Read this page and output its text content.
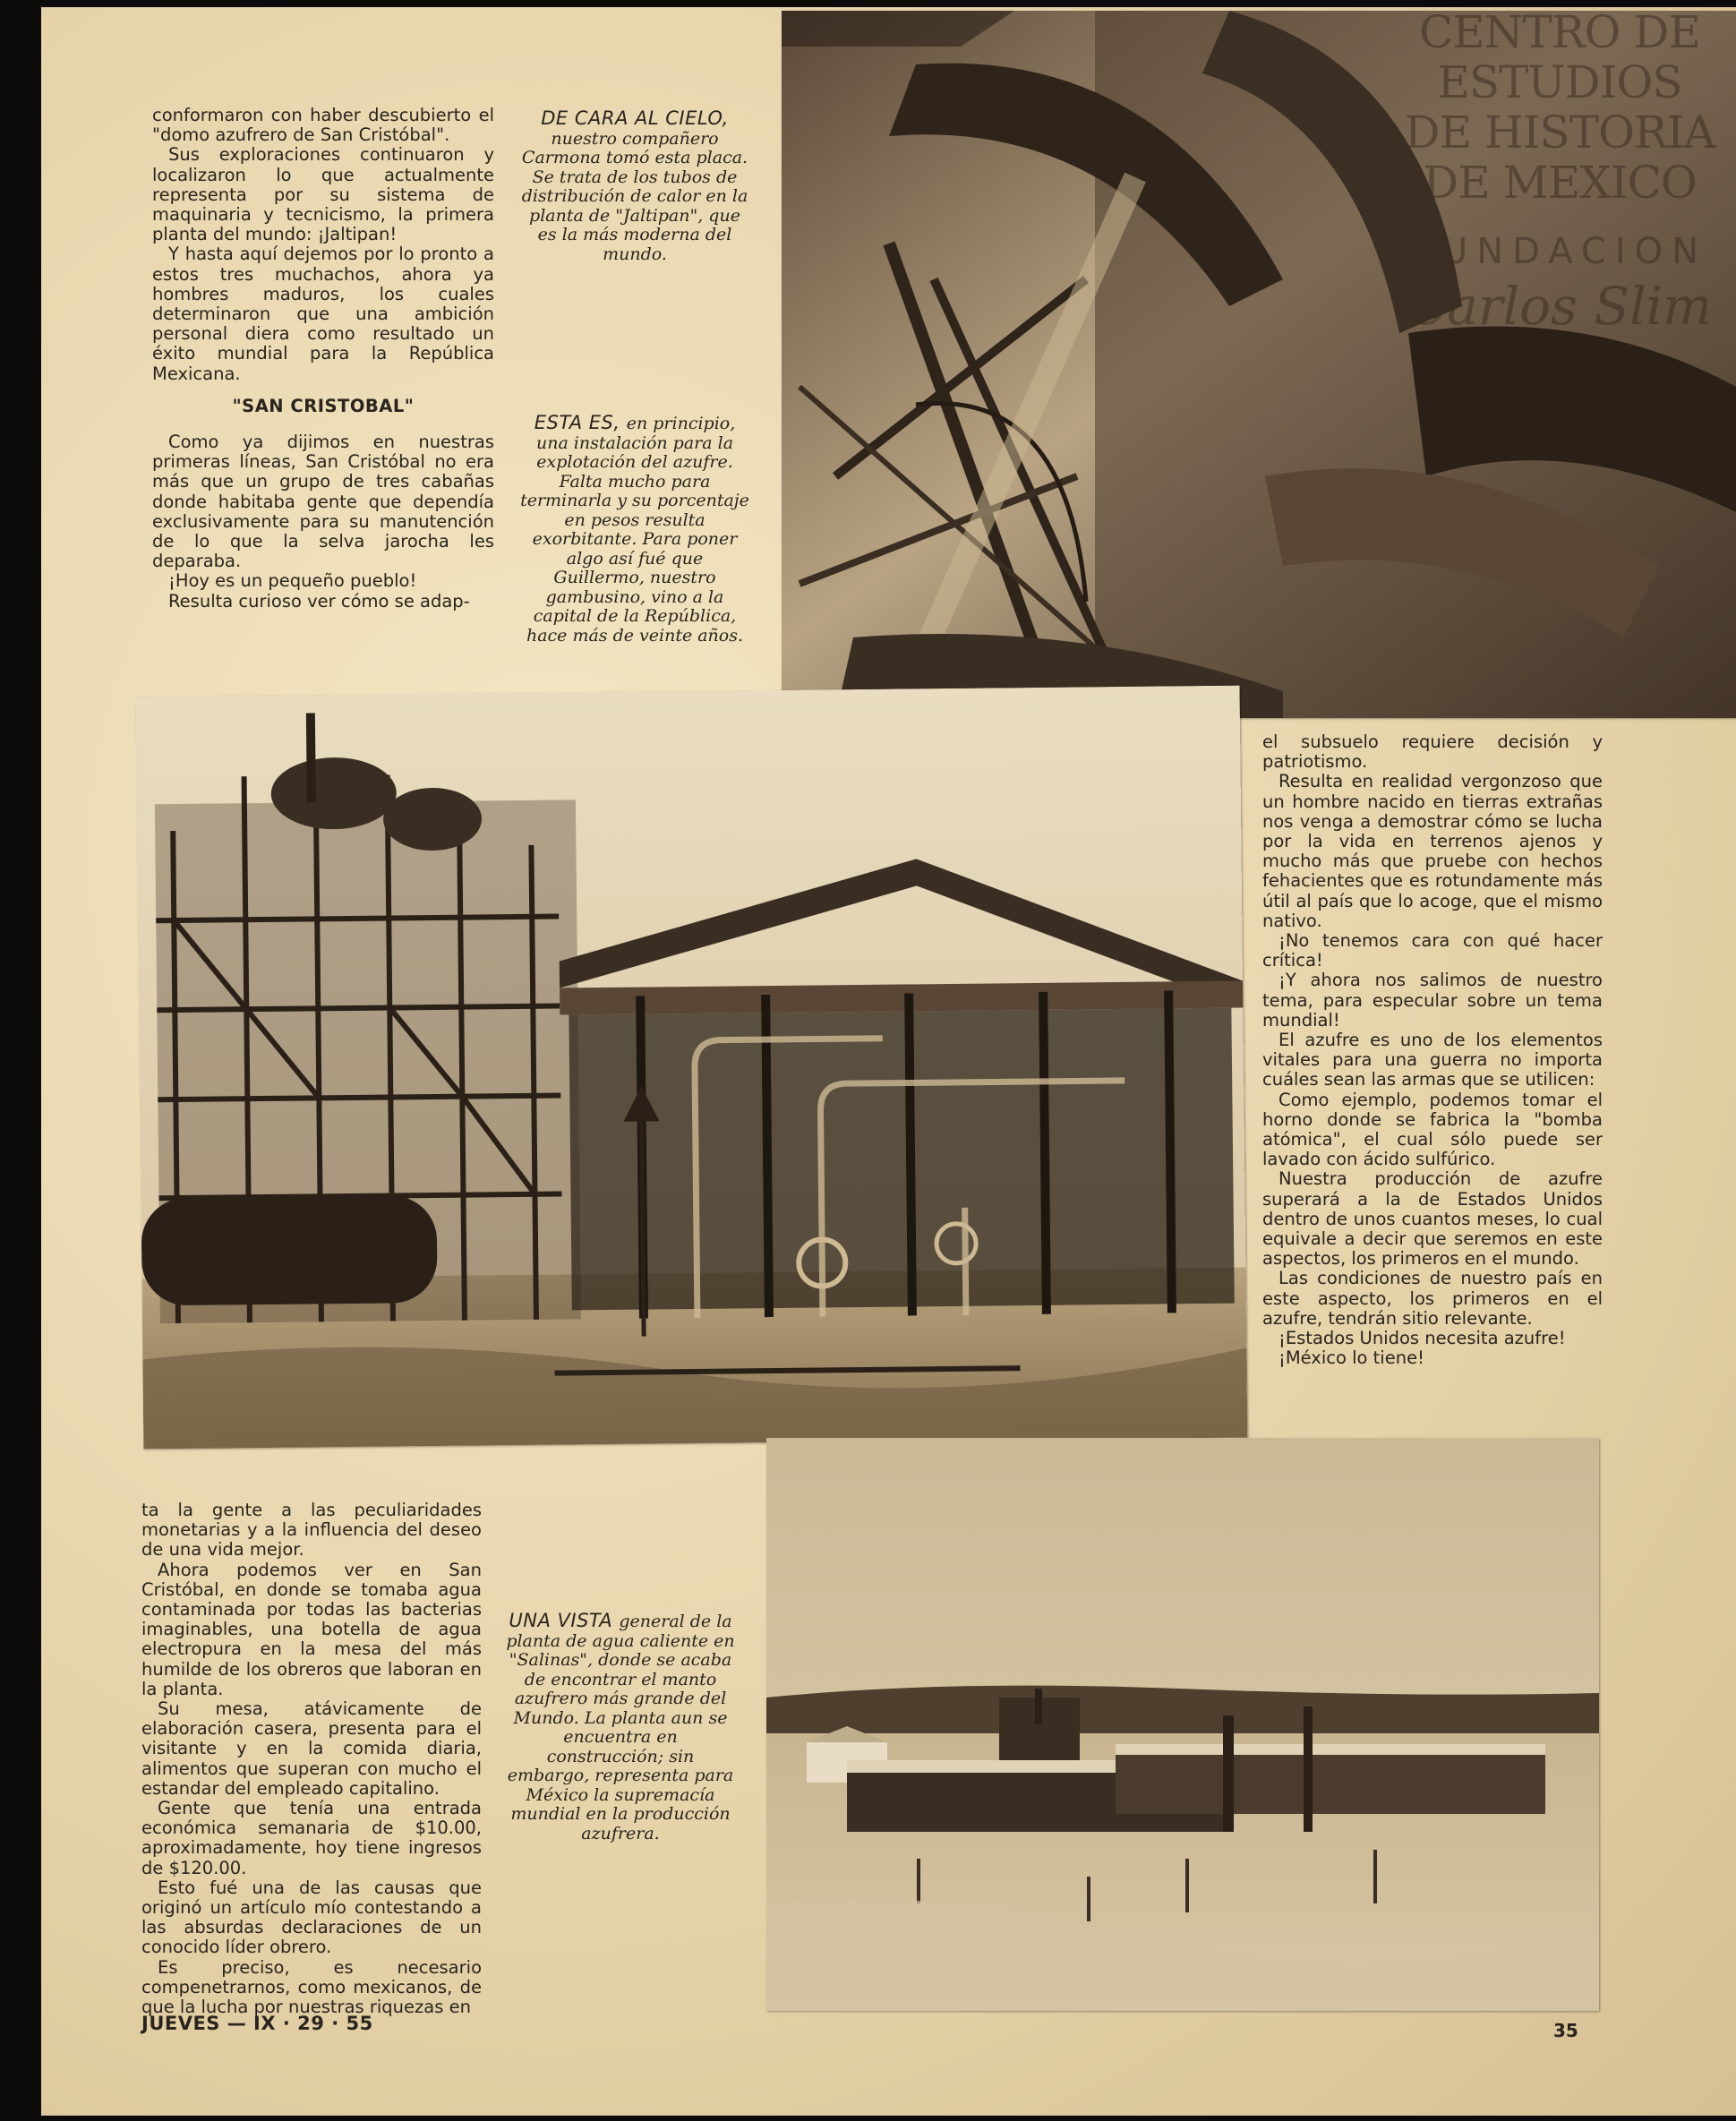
conformaron con haber descubierto el "domo azufrero de San Cristóbal".

Sus exploraciones continuaron y localizaron lo que actualmente representa por su sistema de maquinaria y tecnicismo, la primera planta del mundo: ¡Jaltipan!

Y hasta aquí dejemos por lo pronto a estos tres muchachos, ahora ya hombres maduros, los cuales determinaron que una ambición personal diera como resultado un éxito mundial para la República Mexicana.

"SAN CRISTOBAL"

Como ya dijimos en nuestras primeras líneas, San Cristóbal no era más que un grupo de tres cabañas donde habitaba gente que dependía exclusivamente para su manutención de lo que la selva jarocha les deparaba.

¡Hoy es un pequeño pueblo!

Resulta curioso ver cómo se adap-

DE CARA AL CIELO, nuestro compañero Carmona tomó esta placa. Se trata de los tubos de distribución de calor en la planta de "Jaltipan", que es la más moderna del mundo.
ESTA ES, en principio, una instalación para la explotación del azufre. Falta mucho para terminarla y su porcentaje en pesos resulta exorbitante. Para poner algo así fué que Guillermo, nuestro gambusino, vino a la capital de la República, hace más de veinte años.
CENTRO DE
ESTUDIOS
DE HISTORIA
DE MEXICO
FUNDACION
Carlos Slim

el subsuelo requiere decisión y patriotismo.

Resulta en realidad vergonzoso que un hombre nacido en tierras extrañas nos venga a demostrar cómo se lucha por la vida en terrenos ajenos y mucho más que pruebe con hechos fehacientes que es rotundamente más útil al país que lo acoge, que el mismo nativo.

¡No tenemos cara con qué hacer crítica!

¡Y ahora nos salimos de nuestro tema, para especular sobre un tema mundial!

El azufre es uno de los elementos vitales para una guerra no importa cuáles sean las armas que se utilicen:

Como ejemplo, podemos tomar el horno donde se fabrica la "bomba atómica", el cual sólo puede ser lavado con ácido sulfúrico.

Nuestra producción de azufre superará a la de Estados Unidos dentro de unos cuantos meses, lo cual equivale a decir que seremos en este aspectos, los primeros en el mundo.

Las condiciones de nuestro país en este aspecto, los primeros en el azufre, tendrán sitio relevante.

¡Estados Unidos necesita azufre!

¡México lo tiene!

ta la gente a las peculiaridades monetarias y a la influencia del deseo de una vida mejor.

Ahora podemos ver en San Cristóbal, en donde se tomaba agua contaminada por todas las bacterias imaginables, una botella de agua electropura en la mesa del más humilde de los obreros que laboran en la planta.

Su mesa, atávicamente de elaboración casera, presenta para el visitante y en la comida diaria, alimentos que superan con mucho el estandar del empleado capitalino.

Gente que tenía una entrada económica semanaria de $10.00, aproximadamente, hoy tiene ingresos de $120.00.

Esto fué una de las causas que originó un artículo mío contestando a las absurdas declaraciones de un conocido líder obrero.

Es preciso, es necesario compenetrarnos, como mexicanos, de que la lucha por nuestras riquezas en

UNA VISTA general de la planta de agua caliente en "Salinas", donde se acaba de encontrar el manto azufrero más grande del Mundo. La planta aun se encuentra en construcción; sin embargo, representa para México la supremacía mundial en la producción azufrera.
JUEVES — IX · 29 · 55	35
